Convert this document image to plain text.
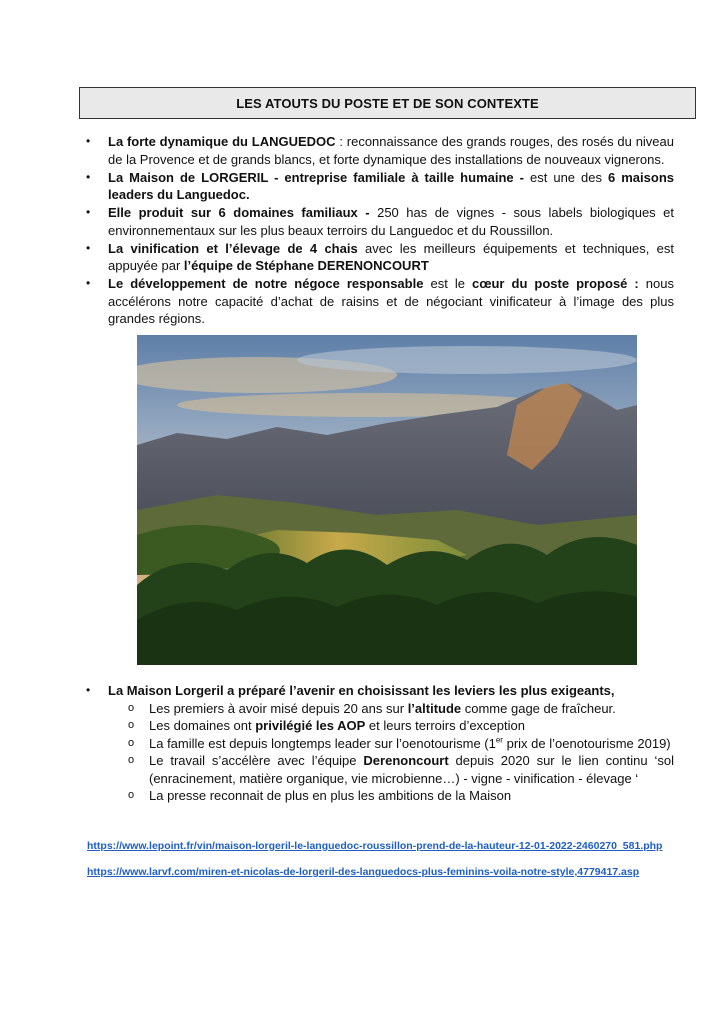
LES ATOUTS DU POSTE ET DE SON CONTEXTE
• La forte dynamique du LANGUEDOC : reconnaissance des grands rouges, des rosés du niveau de la Provence et de grands blancs, et forte dynamique des installations de nouveaux vignerons.
• La Maison de LORGERIL - entreprise familiale à taille humaine - est une des 6 maisons leaders du Languedoc.
• Elle produit sur 6 domaines familiaux - 250 has de vignes - sous labels biologiques et environnementaux sur les plus beaux terroirs du Languedoc et du Roussillon.
• La vinification et l’élevage de 4 chais avec les meilleurs équipements et techniques, est appuyée par l’équipe de Stéphane DERENONCOURT
• Le développement de notre négoce responsable est le cœur du poste proposé : nous accélérons notre capacité d’achat de raisins et de négociant vinificateur à l’image des plus grandes régions.
• La Maison Lorgeril a préparé l’avenir en choisissant les leviers les plus exigeants,
o Les premiers à avoir misé depuis 20 ans sur l’altitude comme gage de fraîcheur.
o Les domaines ont privilégié les AOP et leurs terroirs d’exception
o La famille est depuis longtemps leader sur l’oenotourisme (1er prix de l’oenotourisme 2019)
o Le travail s’accélère avec l’équipe Derenoncourt depuis 2020 sur le lien continu ‘sol (enracinement, matière organique, vie microbienne…) - vigne - vinification - élevage ‘
o La presse reconnait de plus en plus les ambitions de la Maison
https://www.lepoint.fr/vin/maison-lorgeril-le-languedoc-roussillon-prend-de-la-hauteur-12-01-2022-2460270_581.php
https://www.larvf.com/miren-et-nicolas-de-lorgeril-des-languedocs-plus-feminins-voila-notre-style,4779417.asp
